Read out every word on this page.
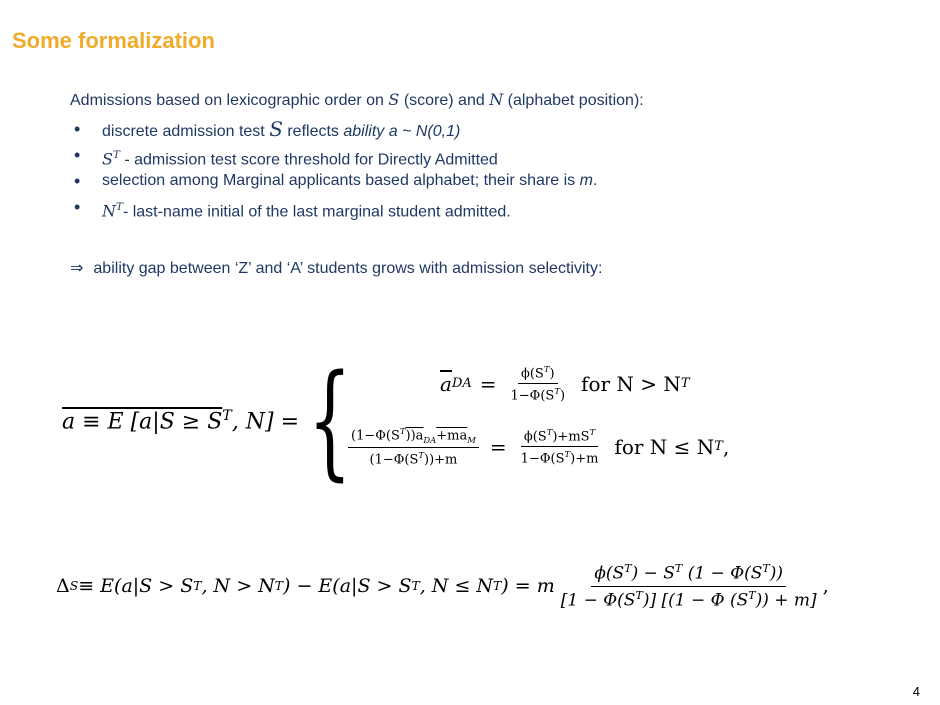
Some formalization
Admissions based on lexicographic order on S (score) and N (alphabet position):
• discrete admission test S reflects ability a ~ N(0,1)
• $S^T$ - admission test score threshold for Directly Admitted
• selection among Marginal applicants based alphabet; their share is m.
• $N^T-$ last-name initial of the last marginal student admitted.
⇒ ability gap between ‘Z’ and ‘A’ students grows with admission selectivity:
a ≡ E [$a|S \ge S^T$, N] = {	$\overline{a}$ DA = $\frac{\phi(S^T)}{1-\Phi(S^T)}$ for N > N T
$\frac{(1-\Phi(S^T))a_{DA}+ma_M}{(1-\Phi(S^T))+m} = \frac{\phi(S^T)+mS^T}{1-\Phi(S^T)+m}$ for N ≤ N T ,
Δ S ≡ E(a|S > S T , N > N T ) − E(a|S > S T , N ≤ N T ) = m $\frac{\phi(S^T) - S^T (1 - \Phi(S^T))}{[1 - \Phi(S^T)] [(1 - \Phi (S^T)) + m]}$ ,
4
